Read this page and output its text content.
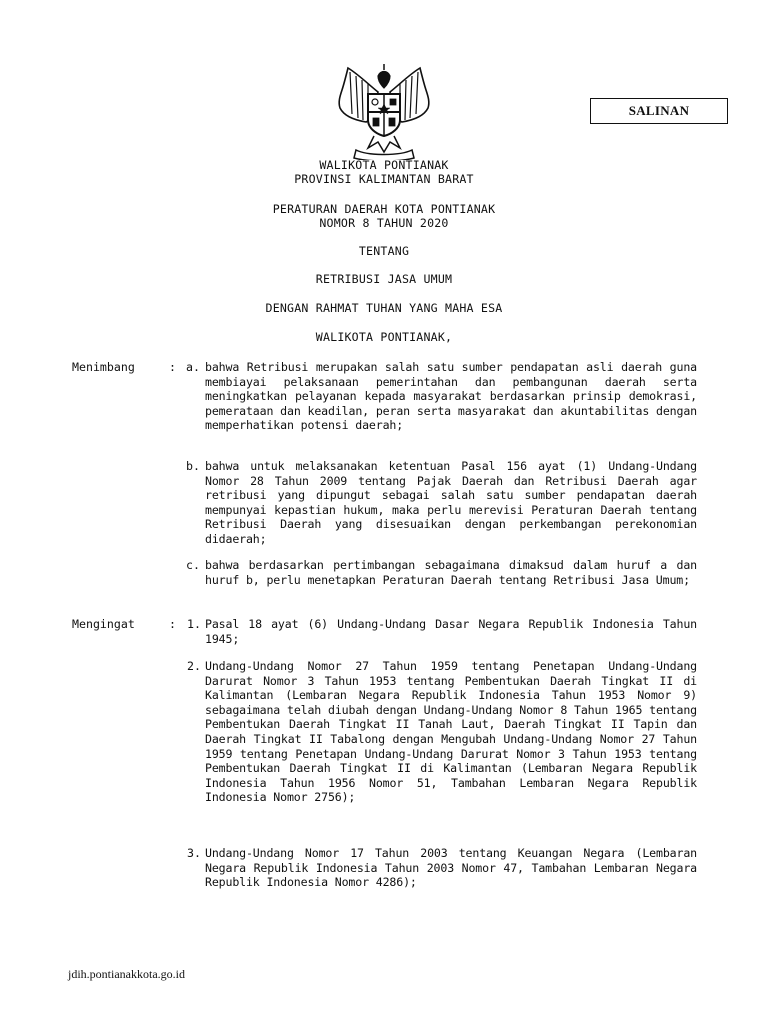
SALINAN
WALIKOTA PONTIANAK
PROVINSI KALIMANTAN BARAT
PERATURAN DAERAH KOTA PONTIANAK
NOMOR 8 TAHUN 2020
TENTANG
RETRIBUSI JASA UMUM
DENGAN RAHMAT TUHAN YANG MAHA ESA
WALIKOTA PONTIANAK,
Menimbang	: a. bahwa Retribusi merupakan salah satu sumber pendapatan asli daerah guna membiayai pelaksanaan pemerintahan dan pembangunan daerah serta meningkatkan pelayanan kepada masyarakat berdasarkan prinsip demokrasi, pemerataan dan keadilan, peran serta masyarakat dan akuntabilitas dengan memperhatikan potensi daerah;
b. bahwa untuk melaksanakan ketentuan Pasal 156 ayat (1) Undang-Undang Nomor 28 Tahun 2009 tentang Pajak Daerah dan Retribusi Daerah agar retribusi yang dipungut sebagai salah satu sumber pendapatan daerah mempunyai kepastian hukum, maka perlu merevisi Peraturan Daerah tentang Retribusi Daerah yang disesuaikan dengan perkembangan perekonomian didaerah;
c. bahwa berdasarkan pertimbangan sebagaimana dimaksud dalam huruf a dan huruf b, perlu menetapkan Peraturan Daerah tentang Retribusi Jasa Umum;
Mengingat	: 1. Pasal 18 ayat (6) Undang-Undang Dasar Negara Republik Indonesia Tahun 1945;
2. Undang-Undang Nomor 27 Tahun 1959 tentang Penetapan Undang-Undang Darurat Nomor 3 Tahun 1953 tentang Pembentukan Daerah Tingkat II di Kalimantan (Lembaran Negara Republik Indonesia Tahun 1953 Nomor 9) sebagaimana telah diubah dengan Undang-Undang Nomor 8 Tahun 1965 tentang Pembentukan Daerah Tingkat II Tanah Laut, Daerah Tingkat II Tapin dan Daerah Tingkat II Tabalong dengan Mengubah Undang-Undang Nomor 27 Tahun 1959 tentang Penetapan Undang-Undang Darurat Nomor 3 Tahun 1953 tentang Pembentukan Daerah Tingkat II di Kalimantan (Lembaran Negara Republik Indonesia Tahun 1956 Nomor 51, Tambahan Lembaran Negara Republik Indonesia Nomor 2756);
3. Undang-Undang Nomor 17 Tahun 2003 tentang Keuangan Negara (Lembaran Negara Republik Indonesia Tahun 2003 Nomor 47, Tambahan Lembaran Negara Republik Indonesia Nomor 4286);
jdih.pontianakkota.go.id
